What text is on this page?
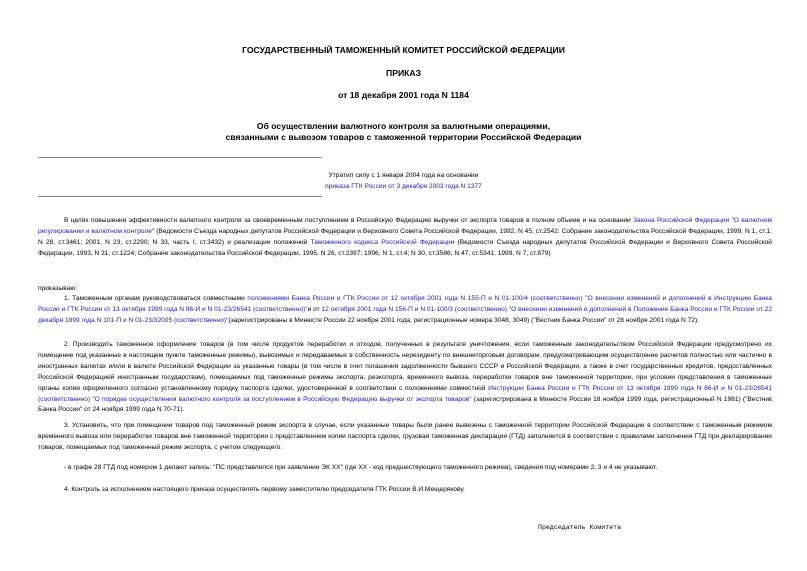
ГОСУДАРСТВЕННЫЙ ТАМОЖЕННЫЙ КОМИТЕТ РОССИЙСКОЙ ФЕДЕРАЦИИ
ПРИКАЗ
от 18 декабря 2001 года N 1184
Об осуществлении валютного контроля за валютными операциями,
связанными с вывозом товаров с таможенной территории Российской Федерации
Утратил силу с 1 января 2004 года на основании
приказа ГТК России от 3 декабря 2003 года N 1377
В целях повышения эффективности валютного контроля за своевременным поступлением в Российскую Федерацию выручки от экспорта товаров в полном объеме и на основании Закона Российской Федерации "О валютном регулировании и валютном контроле" (Ведомости Съезда народных депутатов Российской Федерации и Верховного Совета Российской Федерации, 1992, N 45, ст.2542; Собрание законодательства Российской Федерации, 1999, N 1, ст.1; N 28, ст.3461; 2001, N 23, ст.2290; N 33, часть I, ст.3432) и реализации положений Таможенного кодекса Российской Федерации (Ведомости Съезда народных депутатов Российской Федерации и Верховного Совета Российской Федерации, 1993, N 31, ст.1224; Собрание законодательства Российской Федерации, 1995, N 26, ст.2397; 1996, N 1, ст.4; N 30, ст.3586; N 47, ст.5341; 1999, N 7, ст.879)
приказываю:
1. Таможенным органам руководствоваться совместными положениями Банка России и ГТК России от 12 октября 2001 года N 155-П и N 01-100/4 (соответственно) "О внесении изменений и дополнений в Инструкцию Банка России и ГТК России от 13 октября 1999 года N 86-И и N 01-23/26541 (соответственно)"и от 12 октября 2001 года N 156-П и N 01-100/3 (соответственно) "О внесении изменений и дополнений в Положение Банка России и ГТК России от 22 декабря 1999 года N 101-П и N 01-23/32005 (соответственно)"(зарегистрированы в Минюсте России 22 ноября 2001 года, регистрационные номера 3048, 3049) ("Вестник Банка России" от 28 ноября 2001 года N 72).
2. Производить таможенное оформление товаров (в том числе продуктов переработки и отходов, полученных в результате уничтожения, если таможенным законодательством Российской Федерации предусмотрено их помещение под указанные в настоящем пункте таможенные режимы), вывозимых и передаваемых в собственность нерезиденту по внешнеторговым договорам, предусматривающим осуществление расчетов полностью или частично в иностранных валютах и/или в валюте Российской Федерации за указанные товары (в том числе в счет погашения задолженности бывшего СССР и Российской Федерации, а также в счет государственных кредитов, предоставленных Российской Федерацией иностранным государствам), помещаемых под таможенные режимы экспорта, реэкспорта, временного вывоза, переработки товаров вне таможенной территории, при условии представления в таможенные органы копии оформленного согласно установленному порядку паспорта сделки, удостоверенной в соответствии с положениями совместной Инструкции Банка России и ГТК России от 13 октября 1999 года N 86-И и N 01-23/26541 (соответственно) "О порядке осуществления валютного контроля за поступлением в Российскую Федерацию выручки от экспорта товаров" (зарегистрирована в Минюсте России 18 ноября 1999 года, регистрационный N 1981) ("Вестник Банка России" от 24 ноября 1999 года N 70-71).
3. Установить, что при помещении товаров под таможенный режим экспорта в случае, если указанные товары были ранее вывезены с таможенной территории Российской Федерации в соответствии с таможенным режимом временного вывоза или переработки товаров вне таможенной территории с представлением копии паспорта сделки, грузовая таможенная декларация (ГТД) заполняется в соответствии с правилами заполнения ГТД при декларировании товаров, помещаемых под таможенный режим экспорта, с учетом следующего:
- в графе 28 ГТД под номером 1 делают запись: "ПС представлялся при заявлении ЭК ХХ" (где ХХ - код предшествующего таможенного режима), сведения под номерами 2, 3 и 4 не указывают.
4. Контроль за исполнением настоящего приказа осуществлять первому заместителю председателя ГТК России В.И.Мещерякову.
Председатель Комитета
